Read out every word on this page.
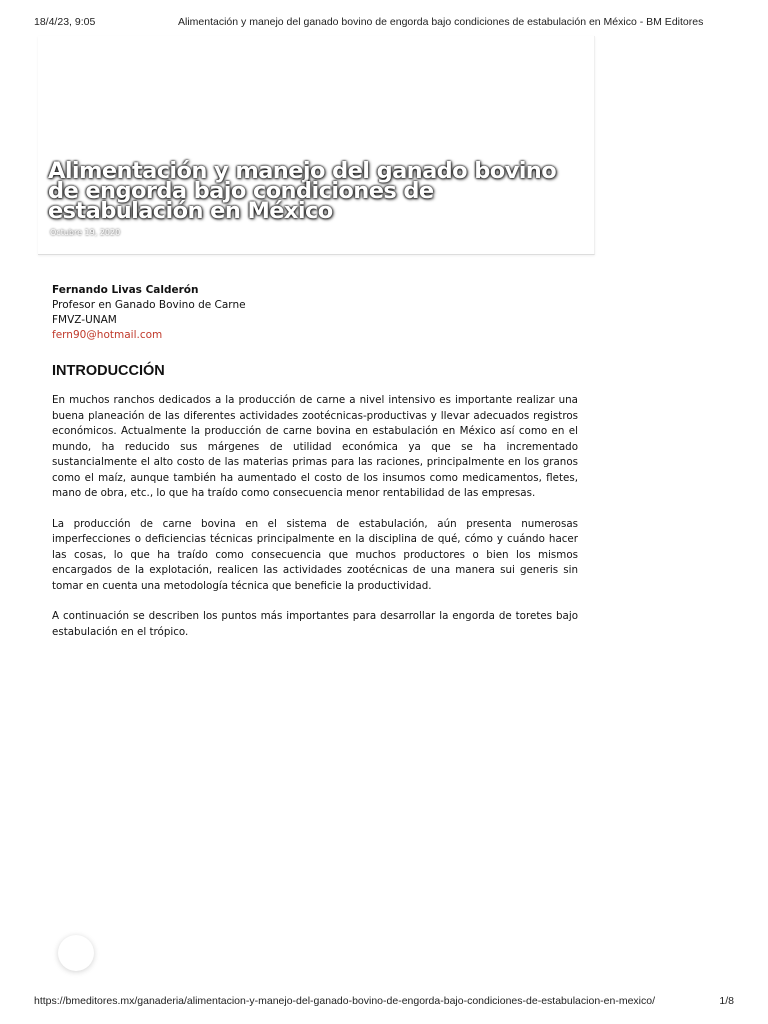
18/4/23, 9:05	Alimentación y manejo del ganado bovino de engorda bajo condiciones de estabulación en México - BM Editores
Alimentación y manejo del ganado bovino de engorda bajo condiciones de estabulación en México
Octubre 19, 2020

Fernando Livas Calderón

Profesor en Ganado Bovino de Carne

FMVZ-UNAM

fern90@hotmail.com
INTRODUCCIÓN

En muchos ranchos dedicados a la producción de carne a nivel intensivo es importante realizar una buena planeación de las diferentes actividades zootécnicas-productivas y llevar adecuados registros económicos. Actualmente la producción de carne bovina en estabulación en México así como en el mundo, ha reducido sus márgenes de utilidad económica ya que se ha incrementado sustancialmente el alto costo de las materias primas para las raciones, principalmente en los granos como el maíz, aunque también ha aumentado el costo de los insumos como medicamentos, fletes, mano de obra, etc., lo que ha traído como consecuencia menor rentabilidad de las empresas.

La producción de carne bovina en el sistema de estabulación, aún presenta numerosas imperfecciones o deficiencias técnicas principalmente en la disciplina de qué, cómo y cuándo hacer las cosas, lo que ha traído como consecuencia que muchos productores o bien los mismos encargados de la explotación, realicen las actividades zootécnicas de una manera sui generis sin tomar en cuenta una metodología técnica que beneficie la productividad.

A continuación se describen los puntos más importantes para desarrollar la engorda de toretes bajo estabulación en el trópico.

https://bmeditores.mx/ganaderia/alimentacion-y-manejo-del-ganado-bovino-de-engorda-bajo-condiciones-de-estabulacion-en-mexico/	1/8
